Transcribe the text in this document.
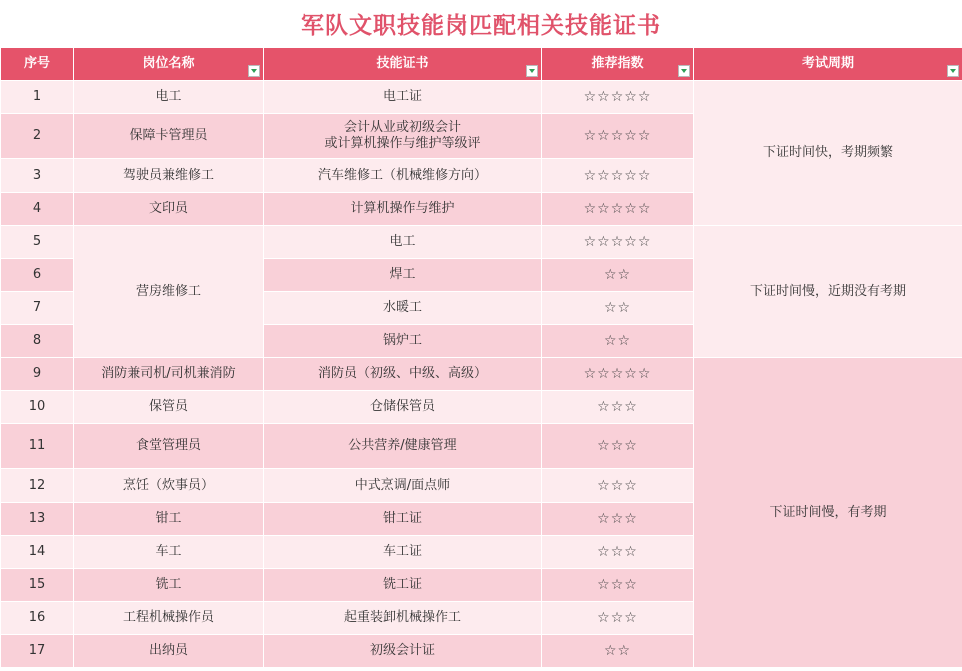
军队文职技能岗匹配相关技能证书
序号	岗位名称	技能证书	推荐指数	考试周期

1	电工	电工证	☆☆☆☆☆	下证时间快，考期频繁
2	保障卡管理员	会计从业或初级会计
或计算机操作与维护等级评	☆☆☆☆☆	
3	驾驶员兼维修工	汽车维修工（机械维修方向）	☆☆☆☆☆	
4	文印员	计算机操作与维护	☆☆☆☆☆	
5	营房维修工	电工	☆☆☆☆☆	下证时间慢，近期没有考期
6		焊工	☆☆	
7		水暖工	☆☆	
8		锅炉工	☆☆	
9	消防兼司机/司机兼消防	消防员（初级、中级、高级）	☆☆☆☆☆	下证时间慢，有考期
10	保管员	仓储保管员	☆☆☆	
11	食堂管理员	公共营养/健康管理	☆☆☆	
12	烹饪（炊事员）	中式烹调/面点师	☆☆☆	
13	钳工	钳工证	☆☆☆	
14	车工	车工证	☆☆☆	
15	铣工	铣工证	☆☆☆	
16	工程机械操作员	起重装卸机械操作工	☆☆☆	
17	出纳员	初级会计证	☆☆	
